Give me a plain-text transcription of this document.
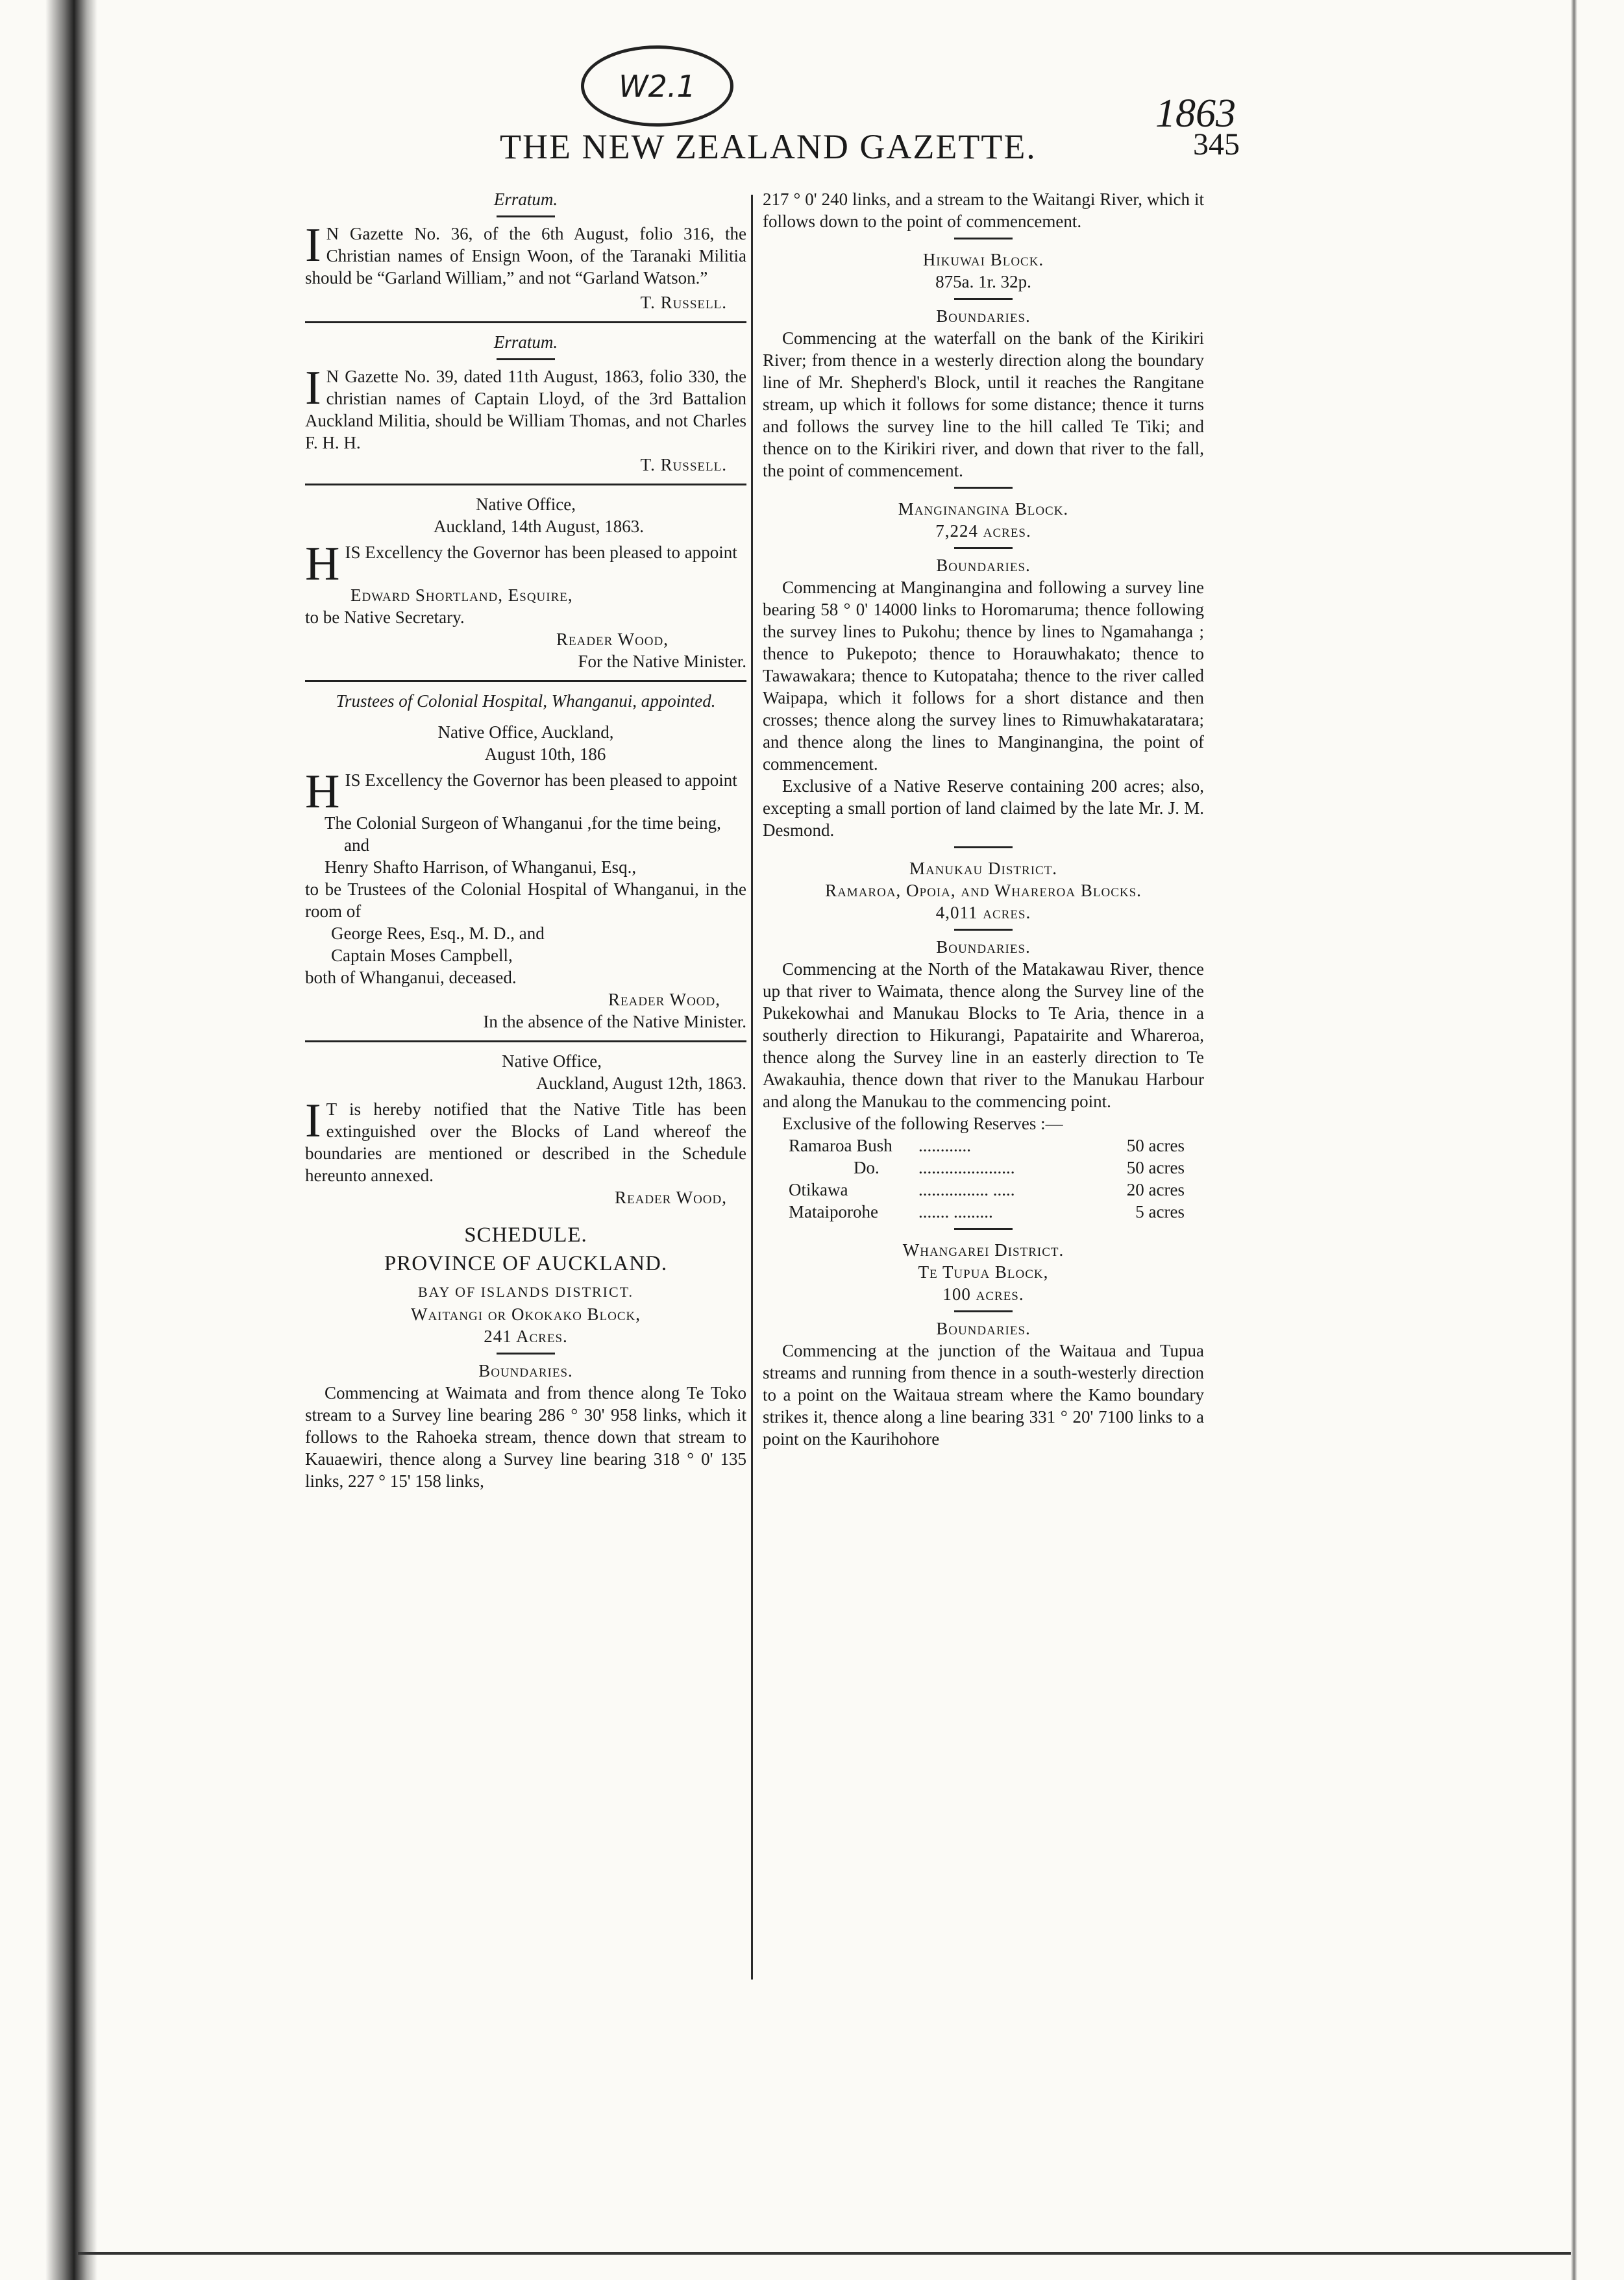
W2.1
1863
THE NEW ZEALAND GAZETTE.	345
Erratum.
I N Gazette No. 36, of the 6th August, folio 316, the Christian names of Ensign Woon, of the Taranaki Militia should be “Garland William,” and not “Garland Watson.”
T. Russell.
Erratum.
I N Gazette No. 39, dated 11th August, 1863, folio 330, the christian names of Captain Lloyd, of the 3rd Battalion Auckland Militia, should be William Thomas, and not Charles F. H. H.
T. Russell.
Native Office,
Auckland, 14th August, 1863.
HIS Excellency the Governor has been pleased to appoint
Edward Shortland, Esquire,
to be Native Secretary.
Reader Wood,
For the Native Minister.
Trustees of Colonial Hospital, Whanganui, appointed.
Native Office, Auckland,
August 10th, 186
HIS Excellency the Governor has been pleased to appoint
The Colonial Surgeon of Whanganui ,for the time being, and
Henry Shafto Harrison, of Whanganui, Esq.,
to be Trustees of the Colonial Hospital of Whanganui, in the room of
George Rees, Esq., M. D., and
Captain Moses Campbell,
both of Whanganui, deceased.
Reader Wood,
In the absence of the Native Minister.
Native Office,
Auckland, August 12th, 1863.
I T is hereby notified that the Native Title has been extinguished over the Blocks of Land whereof the boundaries are mentioned or described in the Schedule hereunto annexed.
Reader Wood,
SCHEDULE.
PROVINCE OF AUCKLAND.
BAY OF ISLANDS DISTRICT.
Waitangi or Okokako Block,
241 Acres.
Boundaries.
Commencing at Waimata and from thence along Te Toko stream to a Survey line bearing 286 ° 30' 958 links, which it follows to the Rahoeka stream, thence down that stream to Kauaewiri, thence along a Survey line bearing 318 ° 0' 135 links, 227 ° 15' 158 links,
217 ° 0' 240 links, and a stream to the Waitangi River, which it follows down to the point of commencement.
Hikuwai Block.
875a. 1r. 32p.
Boundaries.
Commencing at the waterfall on the bank of the Kirikiri River; from thence in a westerly direction along the boundary line of Mr. Shepherd's Block, until it reaches the Rangitane stream, up which it follows for some distance; thence it turns and follows the survey line to the hill called Te Tiki; and thence on to the Kirikiri river, and down that river to the fall, the point of commencement.
Manginangina Block.
7,224 acres.
Boundaries.
Commencing at Manginangina and following a survey line bearing 58 ° 0' 14000 links to Horomaruma; thence following the survey lines to Pukohu; thence by lines to Ngamahanga ; thence to Pukepoto; thence to Horauwhakato; thence to Tawawakara; thence to Kutopataha; thence to the river called Waipapa, which it follows for a short distance and then crosses; thence along the survey lines to Rimuwhakataratara; and thence along the lines to Manginangina, the point of commencement.
Exclusive of a Native Reserve containing 200 acres; also, excepting a small portion of land claimed by the late Mr. J. M. Desmond.
Manukau District.
Ramaroa, Opoia, and Whareroa Blocks.
4,011 acres.
Boundaries.
Commencing at the North of the Matakawau River, thence up that river to Waimata, thence along the Survey line of the Pukekowhai and Manukau Blocks to Te Aria, thence in a southerly direction to Hikurangi, Papatairite and Whareroa, thence along the Survey line in an easterly direction to Te Awakauhia, thence down that river to the Manukau Harbour and along the Manukau to the commencing point.
Exclusive of the following Reserves :—
Ramaroa Bush	............	50 acres
Do.	......................	50 acres
Otikawa	................ .....	20 acres
Mataiporohe	....... .........	5 acres
Whangarei District.
Te Tupua Block,
100 acres.
Boundaries.
Commencing at the junction of the Waitaua and Tupua streams and running from thence in a south-westerly direction to a point on the Waitaua stream where the Kamo boundary strikes it, thence along a line bearing 331 ° 20' 7100 links to a point on the Kaurihohore
